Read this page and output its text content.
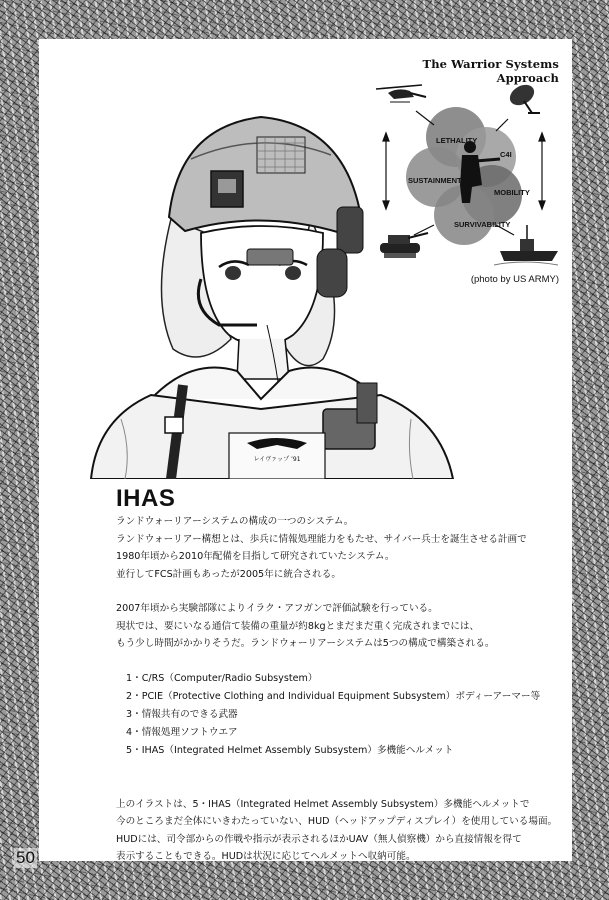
The Warrior Systems Approach
LETHALITY
C4I
SUSTAINMENT
MOBILITY
SURVIVABILITY
(photo by US ARMY)
レイヴァップ ’91
IHAS

ランドウォーリアーシステムの構成の一つのシステム。

ランドウォーリアー構想とは、歩兵に情報処理能力をもたせ、サイバー兵士を誕生させる計画で

1980年頃から2010年配備を目指して研究されていたシステム。

並行してFCS計画もあったが2005年に統合される。

2007年頃から実験部隊によりイラク・アフガンで評価試験を行っている。

現状では、要にいなる通信て装備の重量が約8kgとまだまだ重く完成されまでには、

もう少し時間がかかりそうだ。ランドウォーリアーシステムは5つの構成で構築される。

1・C/RS（Computer/Radio Subsystem）

2・PCIE（Protective Clothing and Individual Equipment Subsystem）ボディーアーマー等

3・情報共有のできる武器

4・情報処理ソフトウエア

5・IHAS（Integrated Helmet Assembly Subsystem）多機能ヘルメット

上のイラストは、5・IHAS（Integrated Helmet Assembly Subsystem）多機能ヘルメットで

今のところまだ全体にいきわたっていない、HUD（ヘッドアップディスプレイ）を使用している場面。

HUDには、司令部からの作戦や指示が表示されるほかUAV（無人偵察機）から直接情報を得て

表示することもできる。HUDは状況に応じてヘルメットへ収納可能。

50
